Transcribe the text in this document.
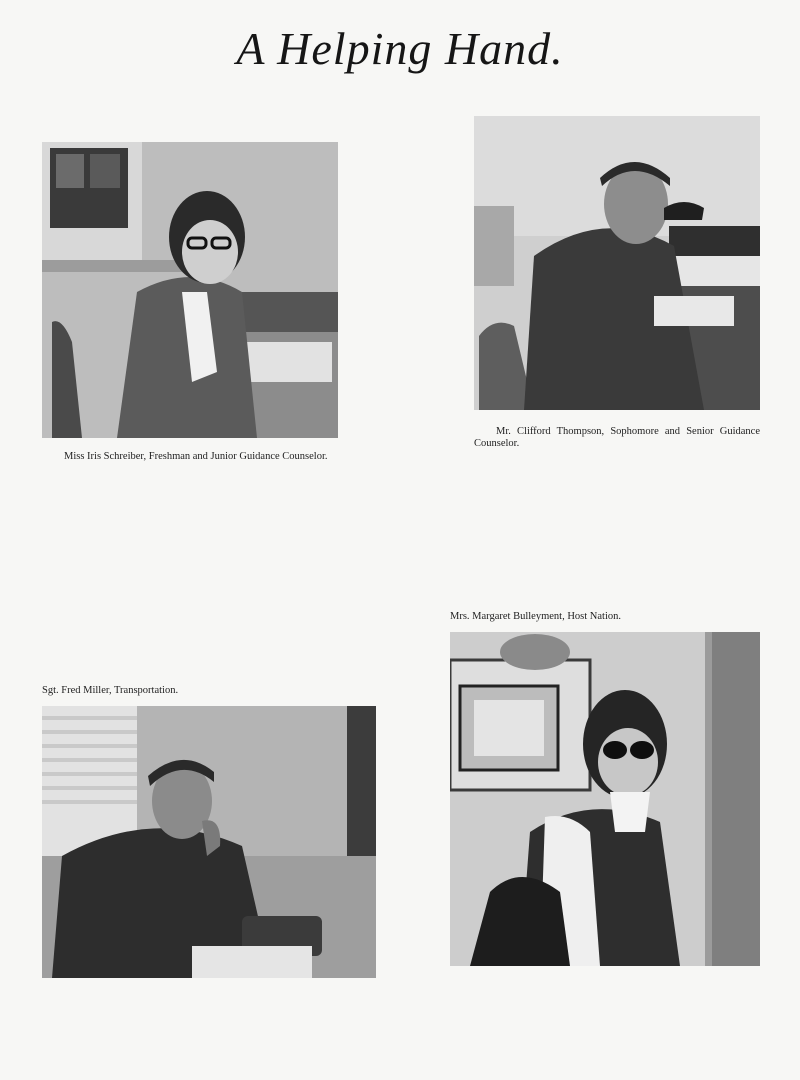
A Helping Hand.
Miss Iris Schreiber, Freshman and Junior Guidance Counselor.
Mr. Clifford Thompson, Sophomore and Senior Guidance Counselor.
Mrs. Margaret Bulleyment, Host Nation.
Sgt. Fred Miller, Transportation.
